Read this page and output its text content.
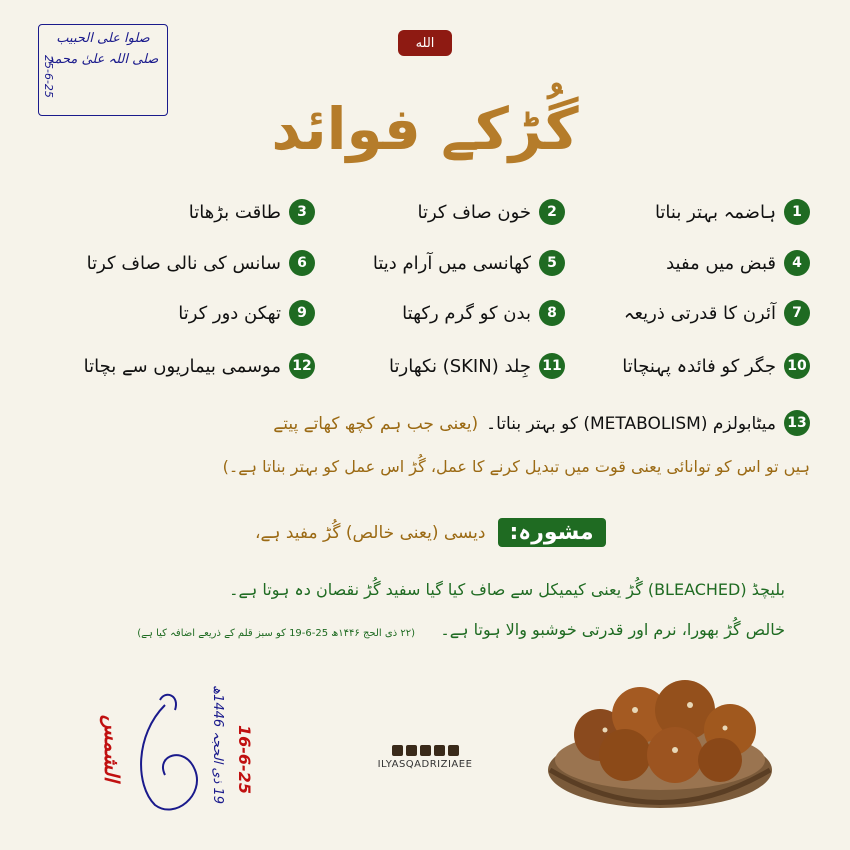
الله
صلوا علی الحبیب
صلی اللہ علیٰ محمد
25-6-25
گُڑکے فوائد
1
ہاضمہ بہتر بناتا
2
خون صاف کرتا
3
طاقت بڑھاتا
4
قبض میں مفید
5
کھانسی میں آرام دیتا
6
سانس کی نالی صاف کرتا
7
آئرن کا قدرتی ذریعہ
8
بدن کو گرم رکھتا
9
تھکن دور کرتا
10
جگر کو فائدہ پہنچاتا
11
جِلد (SKIN) نکھارتا
12
موسمی بیماریوں سے بچاتا
13
میٹابولزم (METABOLISM) کو بہتر بناتا۔
(یعنی جب ہم کچھ کھاتے پیتے
ہیں تو اس کو توانائی یعنی قوت میں تبدیل کرنے کا عمل، گُڑ اس عمل کو بہتر بناتا ہے۔)
مشورہ:
دیسی (یعنی خالص) گُڑ مفید ہے،
بلیچڈ (BLEACHED) گُڑ یعنی کیمیکل سے صاف کیا گیا سفید گُڑ نقصان دہ ہوتا ہے۔
خالص گُڑ بھورا، نرم اور قدرتی خوشبو والا ہوتا ہے۔
(۲۲ ذی الحج ۱۴۴۶ھ 25-6-19 کو سبز قلم کے ذریعے اضافہ کیا ہے)
19 ذی الحجہ 1446ھ
16-6-25
الشمس	ILYASQADRIZIAEE
